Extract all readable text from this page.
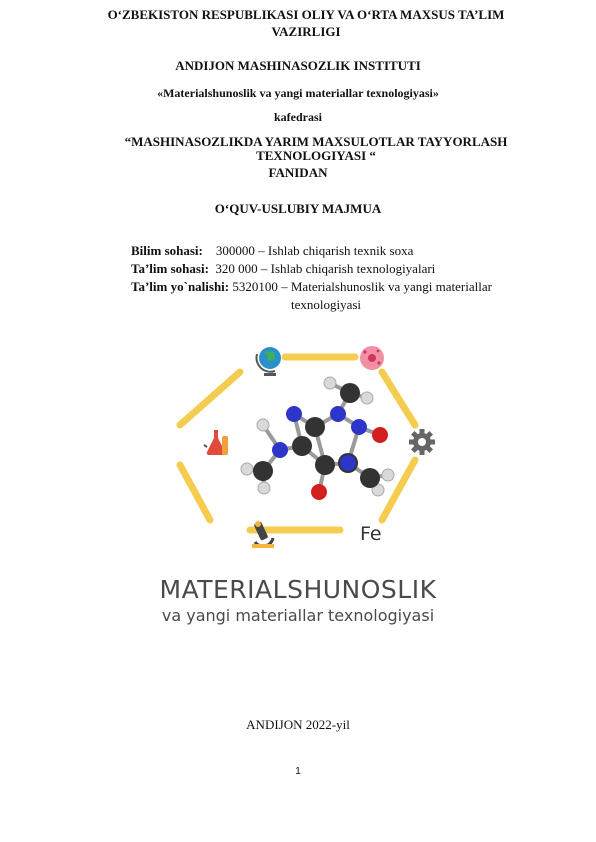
O‘ZBEKISTON RESPUBLIKASI OLIY VA O‘RTA MAXSUS TA’LIM VAZIRLIGI
ANDIJON MASHINASOZLIK INSTITUTI
«Materialshunoslik va yangi materiallar texnologiyasi»
kafedrasi
“MASHINASOZLIKDA YARIM MAXSULOTLAR TAYYORLASH TEXNOLOGIYASI “
FANIDAN
O‘QUV-USLUBIY MAJMUA
Bilim sohasi: 300000 – Ishlab chiqarish texnik soxa
Ta’lim sohasi: 320 000 – Ishlab chiqarish texnologiyalari
Ta’lim yo`nalishi: 5320100 – Materialshunoslik va yangi materiallar
texnologiyasi
Fe
MATERIALSHUNOSLIK
va yangi materiallar texnologiyasi
ANDIJON 2022-yil
1
